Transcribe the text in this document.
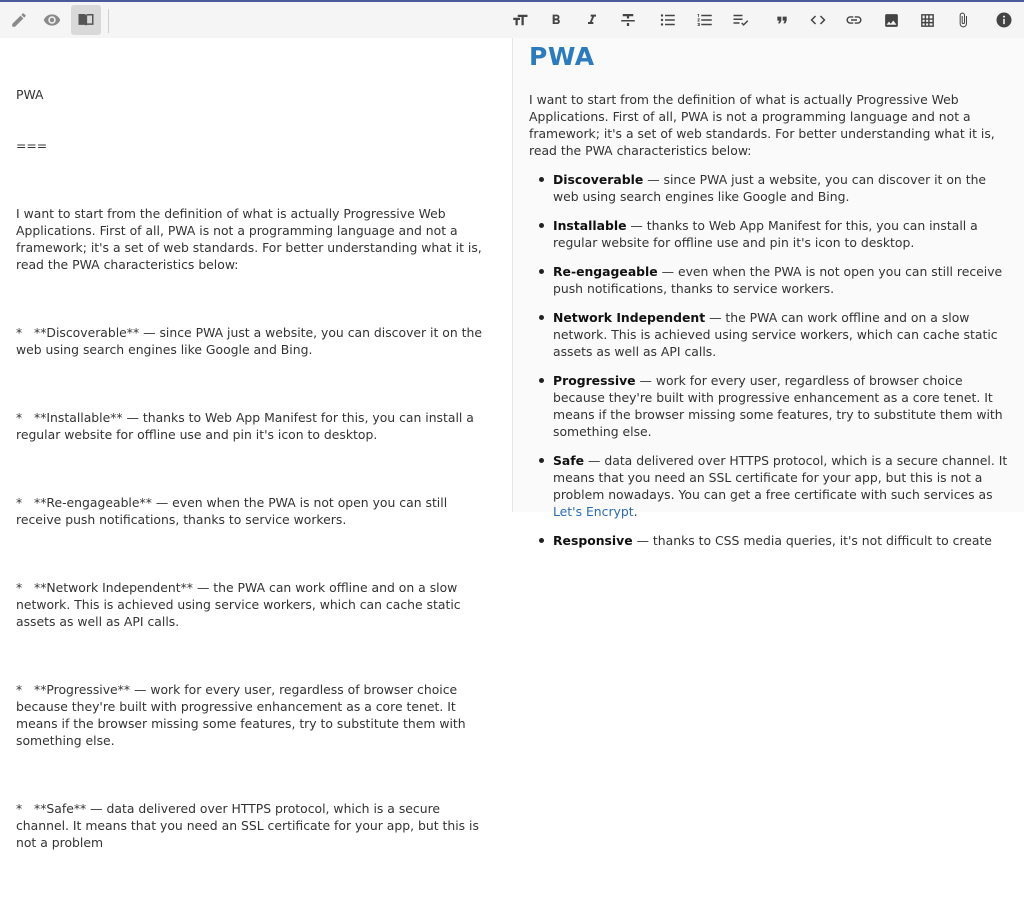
PWA

===

I want to start from the definition of what is actually Progressive Web Applications. First of all, PWA is not a programming language and not a framework; it's a set of web standards. For better understanding what it is, read the PWA characteristics below:

*   **Discoverable** — since PWA just a website, you can discover it on the web using search engines like Google and Bing.

*   **Installable** — thanks to Web App Manifest for this, you can install a regular website for offline use and pin it's icon to desktop.

*   **Re-engageable** — even when the PWA is not open you can still receive push notifications, thanks to service workers.

*   **Network Independent** — the PWA can work offline and on a slow network. This is achieved using service workers, which can cache static assets as well as API calls.

*   **Progressive** — work for every user, regardless of browser choice because they're built with progressive enhancement as a core tenet. It means if the browser missing some features, try to substitute them with something else.

*   **Safe** — data delivered over HTTPS protocol, which is a secure channel. It means that you need an SSL certificate for your app, but this is not a problem

PWA

I want to start from the definition of what is actually Progressive Web Applications. First of all, PWA is not a programming language and not a framework; it's a set of web standards. For better understanding what it is, read the PWA characteristics below:

Discoverable — since PWA just a website, you can discover it on the web using search engines like Google and Bing.
Installable — thanks to Web App Manifest for this, you can install a regular website for offline use and pin it's icon to desktop.
Re-engageable — even when the PWA is not open you can still receive push notifications, thanks to service workers.
Network Independent — the PWA can work offline and on a slow network. This is achieved using service workers, which can cache static assets as well as API calls.
Progressive — work for every user, regardless of browser choice because they're built with progressive enhancement as a core tenet. It means if the browser missing some features, try to substitute them with something else.
Safe — data delivered over HTTPS protocol, which is a secure channel. It means that you need an SSL certificate for your app, but this is not a problem nowadays. You can get a free certificate with such services as Let's Encrypt.
Responsive — thanks to CSS media queries, it's not difficult to create
